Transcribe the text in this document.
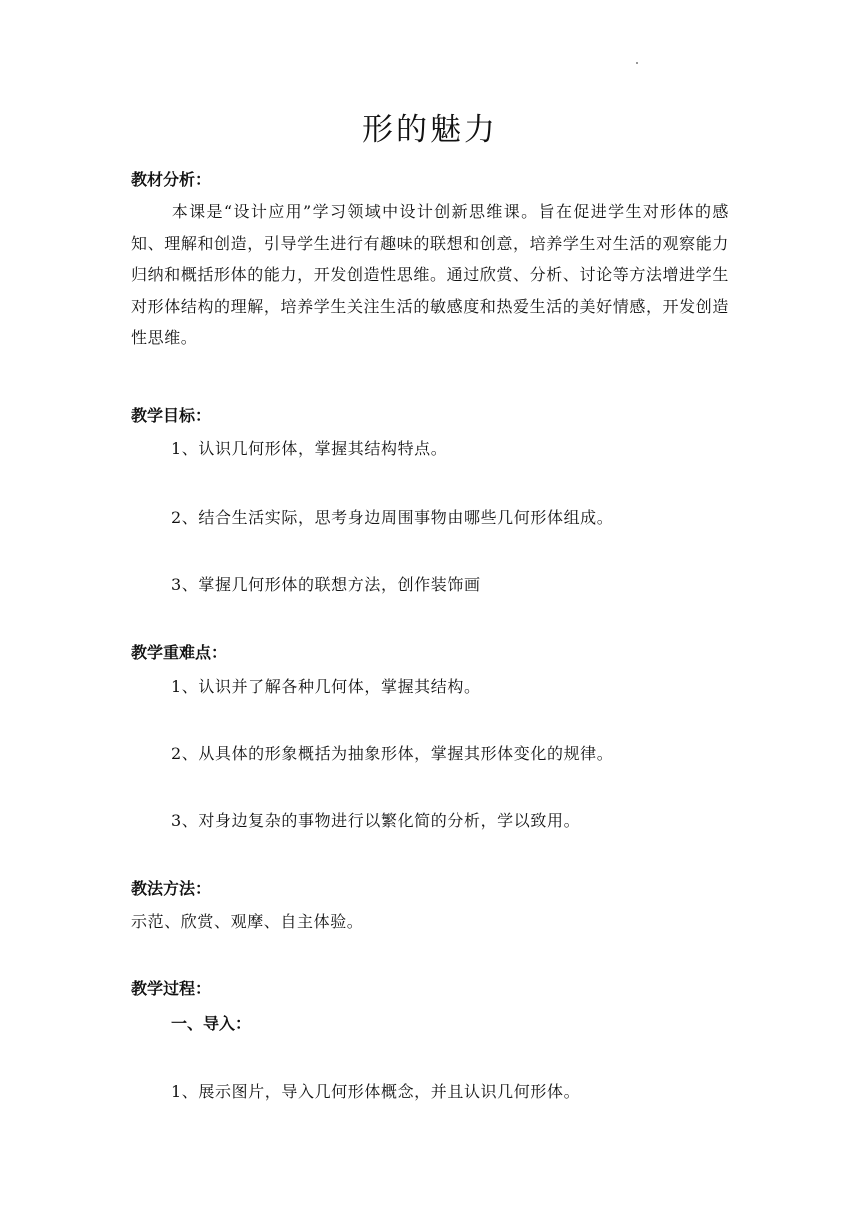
形的魅力
教材分析：
本课是“设计应用”学习领域中设计创新思维课。旨在促进学生对形体的感知、理解和创造，引导学生进行有趣味的联想和创意，培养学生对生活的观察能力归纳和概括形体的能力，开发创造性思维。通过欣赏、分析、讨论等方法增进学生对形体结构的理解，培养学生关注生活的敏感度和热爱生活的美好情感，开发创造性思维。
教学目标：
1、认识几何形体，掌握其结构特点。
2、结合生活实际，思考身边周围事物由哪些几何形体组成。
3、掌握几何形体的联想方法，创作装饰画
教学重难点：
1、认识并了解各种几何体，掌握其结构。
2、从具体的形象概括为抽象形体，掌握其形体变化的规律。
3、对身边复杂的事物进行以繁化简的分析，学以致用。
教法方法：
示范、欣赏、观摩、自主体验。
教学过程：
一、导入：
1、展示图片，导入几何形体概念，并且认识几何形体。
